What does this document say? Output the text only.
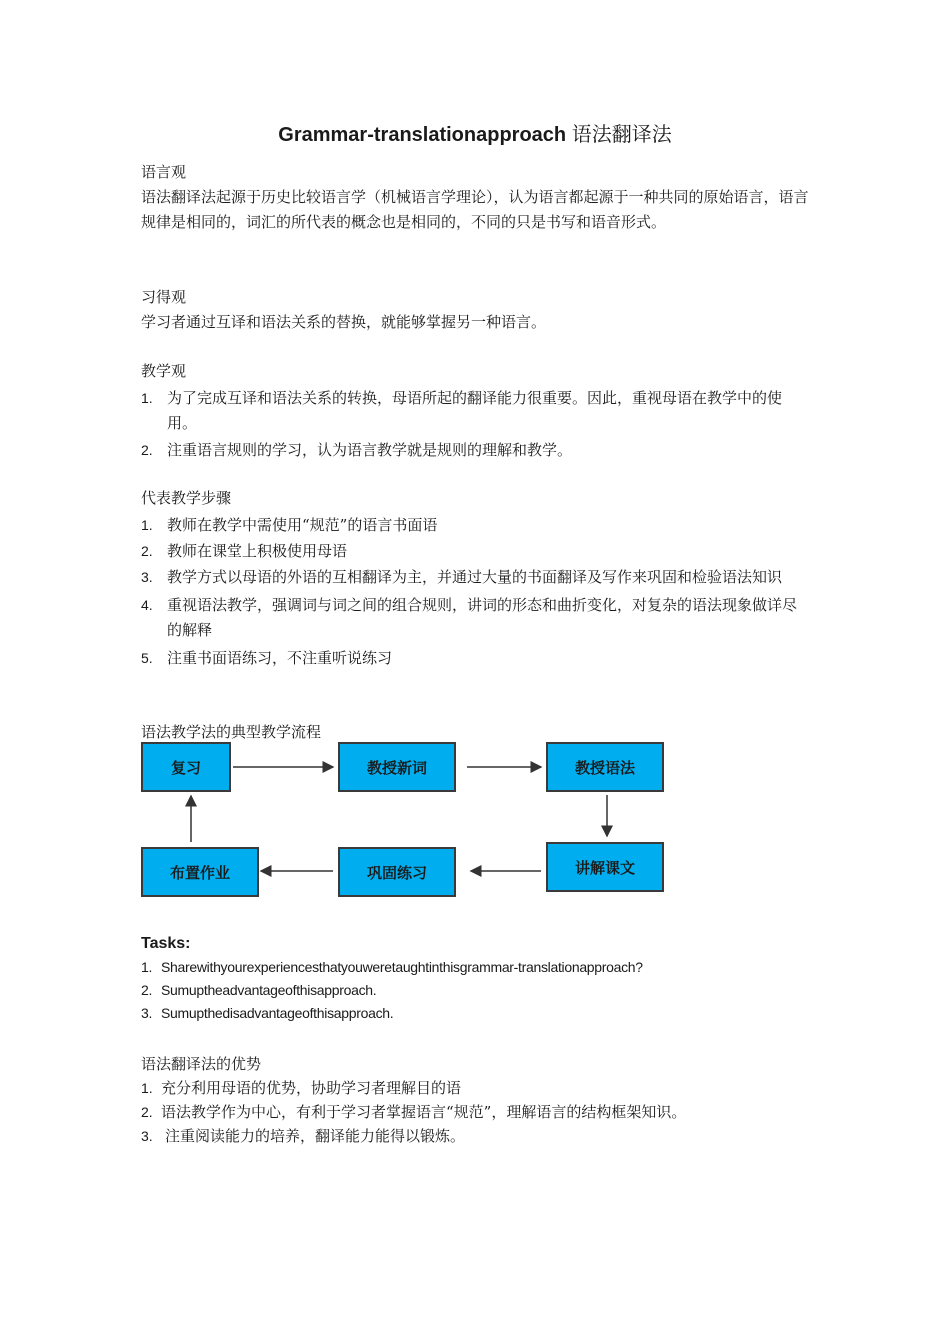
Grammar-translationapproach 语法翻译法
语言观
语法翻译法起源于历史比较语言学（机械语言学理论），认为语言都起源于一种共同的原始语言，语言规律是相同的，词汇的所代表的概念也是相同的，不同的只是书写和语音形式。
习得观
学习者通过互译和语法关系的替换，就能够掌握另一种语言。
教学观
1. 为了完成互译和语法关系的转换，母语所起的翻译能力很重要。因此，重视母语在教学中的使用。
2. 注重语言规则的学习，认为语言教学就是规则的理解和教学。
代表教学步骤
1. 教师在教学中需使用“规范”的语言书面语
2. 教师在课堂上积极使用母语
3. 教学方式以母语的外语的互相翻译为主，并通过大量的书面翻译及写作来巩固和检验语法知识
4. 重视语法教学，强调词与词之间的组合规则，讲词的形态和曲折变化，对复杂的语法现象做详尽的解释
5. 注重书面语练习，不注重听说练习
语法教学法的典型教学流程
复习	教授新词	教授语法
讲解课文
巩固练习
布置作业
Tasks:
1. Sharewithyourexperiencesthatyouweretaughtinthisgrammar-translationapproach?
2. Sumuptheadvantageofthisapproach.
3. Sumupthedisadvantageofthisapproach.
语法翻译法的优势
1. 充分利用母语的优势，协助学习者理解目的语
2. 语法教学作为中心，有利于学习者掌握语言“规范”，理解语言的结构框架知识。
3. 注重阅读能力的培养，翻译能力能得以锻炼。
